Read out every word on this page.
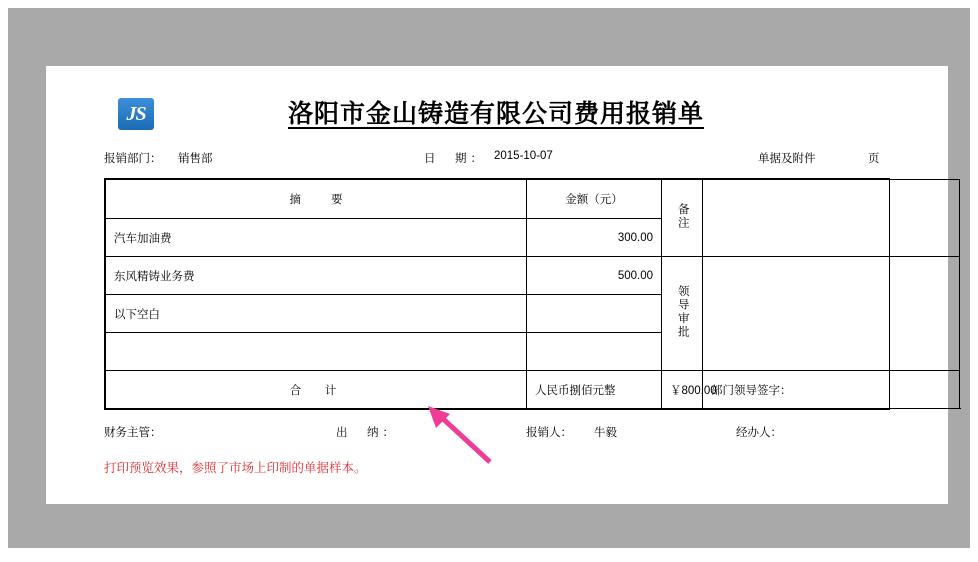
JS	洛阳市金山铸造有限公司费用报销单
报销部门： 销售部	日　期： 2015-10-07	单据及附件	页
摘要	金额（元）	备注	
汽车加油费	300.00		
东风精铸业务费	500.00	领导审批	
以下空白			

合　计	人民币捌佰元整	￥800.00	部门领导签字：
财务主管：	出　纳：	报销人： 牛毅	经办人：
打印预览效果，参照了市场上印制的单据样本。
